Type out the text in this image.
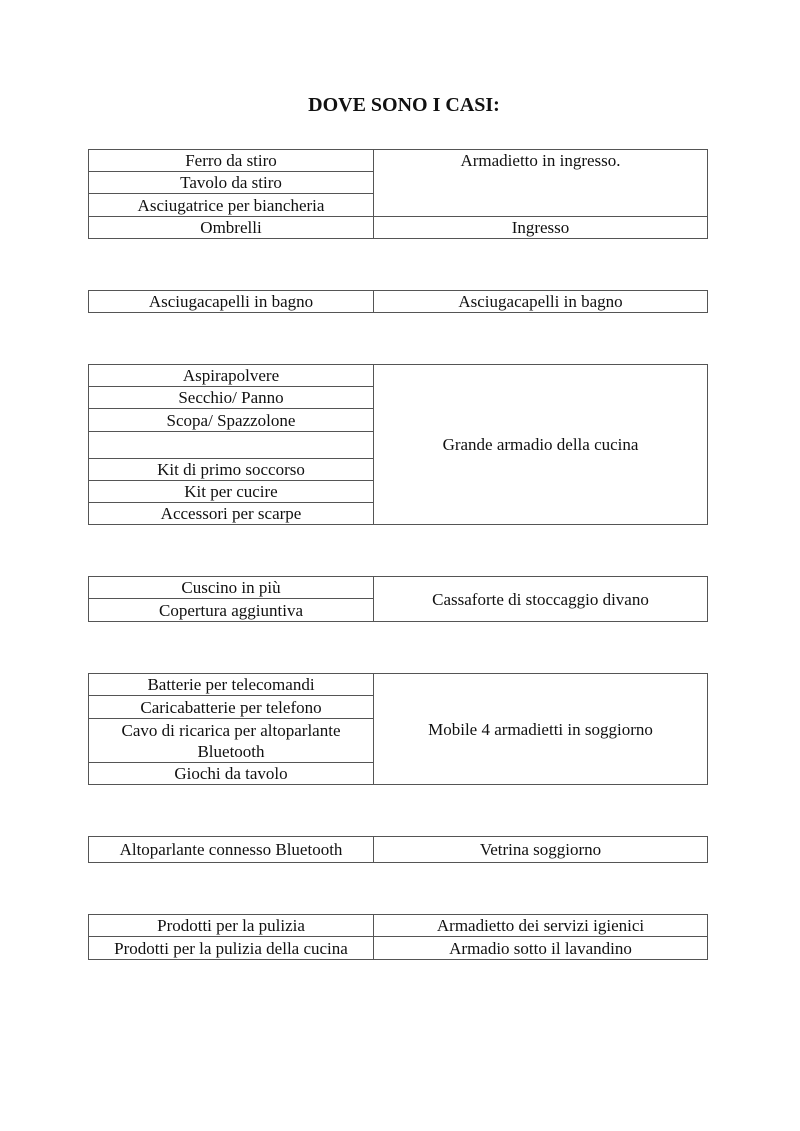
DOVE SONO I CASI:
Ferro da stiro	Armadietto in ingresso.
Tavolo da stiro	
Asciugatrice per biancheria	
Ombrelli	Ingresso
Asciugacapelli in bagno	Asciugacapelli in bagno
Aspirapolvere	Grande armadio della cucina
Secchio/ Panno
Scopa/ Spazzolone

Kit di primo soccorso
Kit per cucire
Accessori per scarpe
Cuscino in più	Cassaforte di stoccaggio divano
Copertura aggiuntiva
Batterie per telecomandi	Mobile 4 armadietti in soggiorno
Caricabatterie per telefono
Cavo di ricarica per altoparlante Bluetooth
Giochi da tavolo
Altoparlante connesso Bluetooth	Vetrina soggiorno
Prodotti per la pulizia	Armadietto dei servizi igienici
Prodotti per la pulizia della cucina	Armadio sotto il lavandino
